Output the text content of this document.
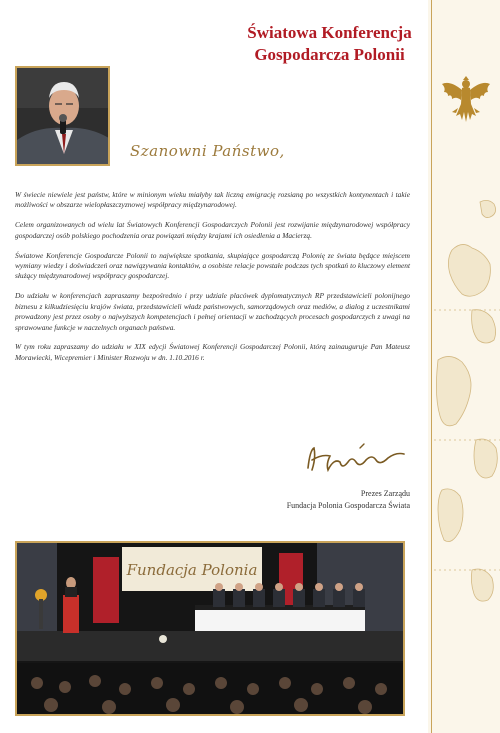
Światowa Konferencja
Gospodarcza Polonii

Szanowni Państwo,

W świecie niewiele jest państw, które w minionym wieku miałyby tak liczną emigrację rozsianą po wszystkich kontynentach i takie możliwości w obszarze wielopłaszczyznowej współpracy międzynarodowej.

Celem organizowanych od wielu lat Światowych Konferencji Gospodarczych Polonii jest rozwijanie międzynarodowej współpracy gospodarczej osób polskiego pochodzenia oraz powiązań między krajami ich osiedlenia a Macierzą.

Światowe Konferencje Gospodarcze Polonii to największe spotkania, skupiające gospodarczą Polonię ze świata będące miejscem wymiany wiedzy i doświadczeń oraz nawiązywania kontaktów, a osobiste relacje powstałe podczas tych spotkań to kluczowy element służący międzynarodowej współpracy gospodarczej.

Do udziału w konferencjach zapraszamy bezpośrednio i przy udziale placówek dyplomatycznych RP przedstawicieli polonijnego biznesu z kilkudziesięciu krajów świata, przedstawicieli władz państwowych, samorządowych oraz mediów, a dialog z uczestnikami prowadzony jest przez osoby o najwyższych kompetencjach i pełnej orientacji w zachodzących procesach gospodarczych z uwagi na sprawowane funkcje w naczelnych organach państwa.

W tym roku zapraszamy do udziału w XIX edycji Światowej Konferencji Gospodarczej Polonii, którą zainauguruje Pan Mateusz Morawiecki, Wicepremier i Minister Rozwoju w dn. 1.10.2016 r.

Prezes Zarządu

Fundacja Polonia Gospodarcza Świata

Fundacja Polonia
